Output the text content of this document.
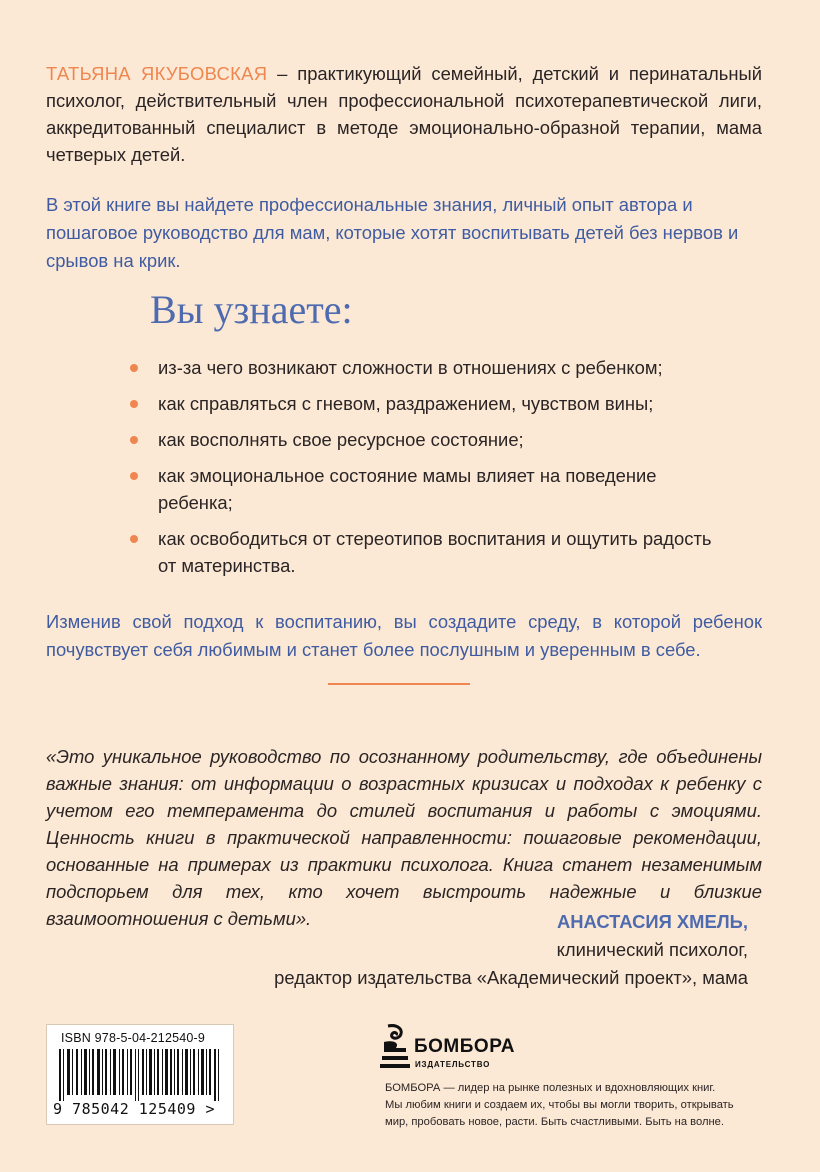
ТАТЬЯНА ЯКУБОВСКАЯ – практикующий семейный, детский и перинатальный психолог, действительный член профессиональной психотерапевтической лиги, аккредитованный специалист в методе эмоционально-образной терапии, мама четверых детей.

В этой книге вы найдете профессиональные знания, личный опыт автора и пошаговое руководство для мам, которые хотят воспитывать детей без нервов и срывов на крик.

Вы узнаете:
из-за чего возникают сложности в отношениях с ребенком;
как справляться с гневом, раздражением, чувством вины;
как восполнять свое ресурсное состояние;
как эмоциональное состояние мамы влияет на поведение ребенка;
как освободиться от стереотипов воспитания и ощутить радость от материнства.

Изменив свой подход к воспитанию, вы создадите среду, в которой ребенок почувствует себя любимым и станет более послушным и уверенным в себе.

«Это уникальное руководство по осознанному родительству, где объединены важные знания: от информации о возрастных кризисах и подходах к ребенку с учетом его темперамента до стилей воспитания и работы с эмоциями. Ценность книги в практической направленности: пошаговые рекомендации, основанные на примерах из практики психолога. Книга станет незаменимым подспорьем для тех, кто хочет выстроить надежные и близкие взаимоотношения с детьми».	АНАСТАСИЯ ХМЕЛЬ,
клинический психолог,
редактор издательства «Академический проект», мама
ISBN 978-5-04-212540-9
9 785042 125409 >
БОМБОРА
ИЗДАТЕЛЬСТВО
БОМБОРА — лидер на рынке полезных и вдохновляющих книг.
Мы любим книги и создаем их, чтобы вы могли творить, открывать
мир, пробовать новое, расти. Быть счастливыми. Быть на волне.
